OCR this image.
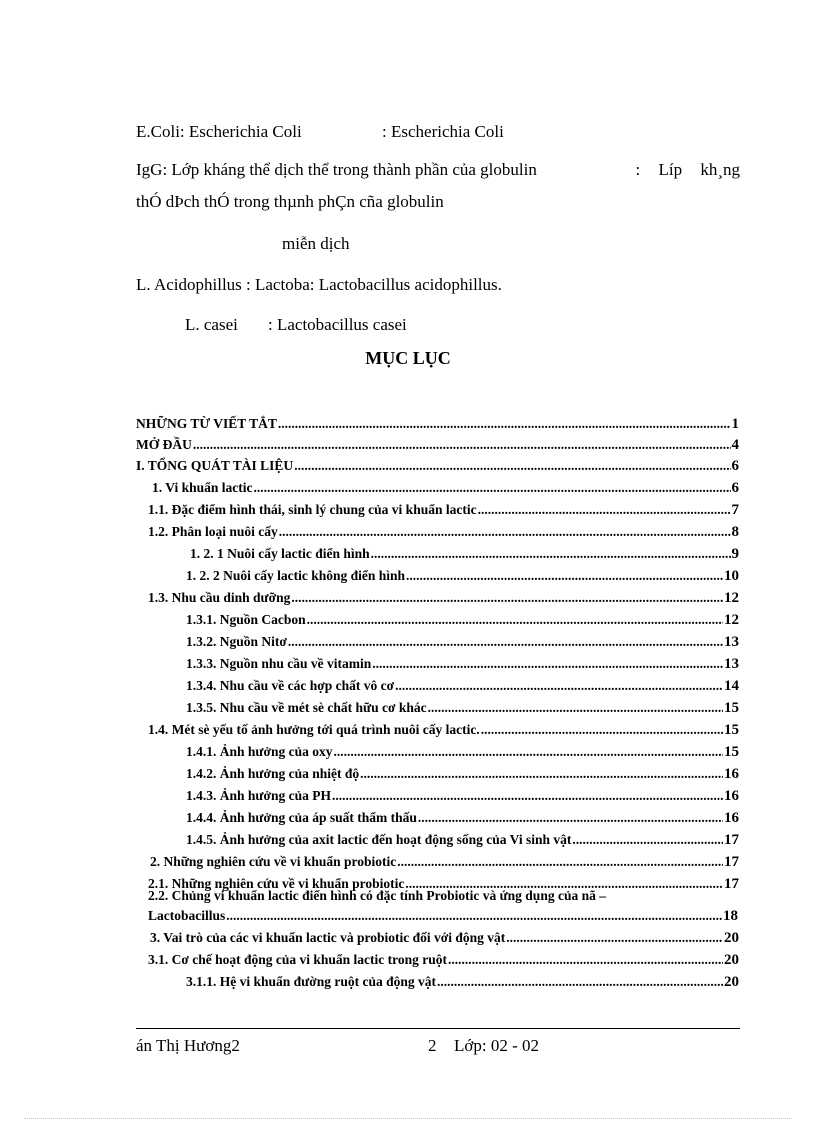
E.Coli: Escherichia Coli	: Escherichia Coli
IgG: Lớp kháng thể dịch thể trong thành phần của globulin	: Líp kh¸ng
thÓ dÞch thÓ trong thµnh phÇn cña globulin
miễn dịch
L. Acidophillus : Lactoba: Lactobacillus acidophillus.
L. casei : Lactobacillus casei
MỤC LỤC
NHỮNG TỪ VIẾT TẮT .....	1
MỞ ĐẦU .....	4
I. TỔNG QUÁT TÀI LIỆU .....	6
1. Vi khuẩn lactic .....	6
1.1. Đặc điểm hình thái, sinh lý chung của vi khuẩn lactic .....	7
1.2. Phân loại nuôi cấy .....	8
1. 2. 1 Nuôi cấy lactic điển hình .....	9
1. 2. 2 Nuôi cấy lactic không điển hình .....	10
1.3. Nhu cầu dinh dưỡng .....	12
1.3.1. Nguồn Cacbon .....	12
1.3.2. Nguồn Nitơ .....	13
1.3.3. Nguồn nhu cầu về vitamin .....	13
1.3.4. Nhu cầu về các hợp chất vô cơ .....	14
1.3.5. Nhu cầu về mét sè chất hữu cơ khác .....	15
1.4. Mét sè yếu tố ảnh hưởng tới quá trình nuôi cấy lactic. .....	15
1.4.1. Ảnh hưởng của oxy .....	15
1.4.2. Ảnh hưởng của nhiệt độ .....	16
1.4.3. Ảnh hưởng của PH .....	16
1.4.4. Ảnh hưởng của áp suất thẩm thấu .....	16
1.4.5. Ảnh hưởng của axit lactic đến hoạt động sống của Vi sinh vật .....	17
2. Những nghiên cứu về vi khuẩn probiotic .....	17
2.1. Những nghiên cứu về vi khuẩn probiotic .....	17
2.2. Chủng vi khuẩn lactic điển hình có đặc tính Probiotic và ứng dụng của nã –
Lactobacillus .....	18
3. Vai trò của các vi khuẩn lactic và probiotic đối với động vật .....	20
3.1. Cơ chế hoạt động của vi khuẩn lactic trong ruột .....	20
3.1.1. Hệ vi khuẩn đường ruột của động vật .....	20
án Thị Hương2	2 Lớp: 02 - 02
